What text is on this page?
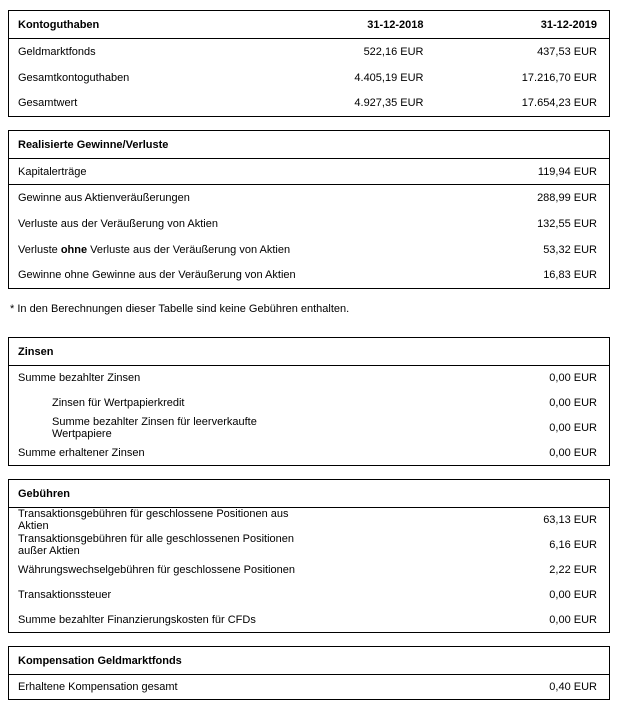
Kontoguthaben	31-12-2018	31-12-2019
Geldmarktfonds	522,16 EUR	437,53 EUR
Gesamtkontoguthaben	4.405,19 EUR	17.216,70 EUR
Gesamtwert	4.927,35 EUR	17.654,23 EUR
Realisierte Gewinne/Verluste	
Kapitalerträge	119,94 EUR
Gewinne aus Aktienveräußerungen	288,99 EUR
Verluste aus der Veräußerung von Aktien	132,55 EUR
Verluste ohne Verluste aus der Veräußerung von Aktien	53,32 EUR
Gewinne ohne Gewinne aus der Veräußerung von Aktien	16,83 EUR
* In den Berechnungen dieser Tabelle sind keine Gebühren enthalten.
Zinsen	
Summe bezahlter Zinsen	0,00 EUR
Zinsen für Wertpapierkredit	0,00 EUR
Summe bezahlter Zinsen für leerverkaufte Wertpapiere	0,00 EUR
Summe erhaltener Zinsen	0,00 EUR
Gebühren	
Transaktionsgebühren für geschlossene Positionen aus Aktien	63,13 EUR
Transaktionsgebühren für alle geschlossenen Positionen außer Aktien	6,16 EUR
Währungswechselgebühren für geschlossene Positionen	2,22 EUR
Transaktionssteuer	0,00 EUR
Summe bezahlter Finanzierungskosten für CFDs	0,00 EUR
Kompensation Geldmarktfonds
Erhaltene Kompensation gesamt	0,40 EUR
